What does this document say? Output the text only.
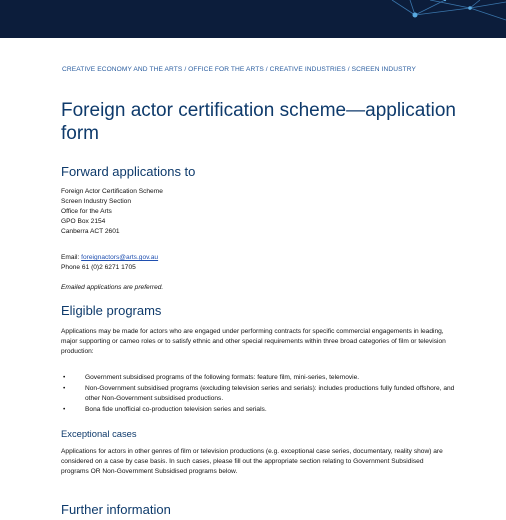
CREATIVE ECONOMY AND THE ARTS / OFFICE FOR THE ARTS / CREATIVE INDUSTRIES / SCREEN INDUSTRY
Foreign actor certification scheme—application form
Forward applications to
Foreign Actor Certification Scheme
Screen Industry Section
Office for the Arts
GPO Box 2154
Canberra ACT 2601
Email: foreignactors@arts.gov.au
Phone 61 (0)2 6271 1705
Emailed applications are preferred.
Eligible programs

Applications may be made for actors who are engaged under performing contracts for specific commercial engagements in leading, major supporting or cameo roles or to satisfy ethnic and other special requirements within three broad categories of film or television production:

•	Government subsidised programs of the following formats: feature film, mini-series, telemovie.
•	Non-Government subsidised programs (excluding television series and serials): includes productions fully funded offshore, and other Non-Government subsidised productions.
•	Bona fide unofficial co-production television series and serials.
Exceptional cases

Applications for actors in other genres of film or television productions (e.g. exceptional case series, documentary, reality show) are considered on a case by case basis. In such cases, please fill out the appropriate section relating to Government Subsidised programs OR Non-Government Subsidised programs below.

Further information
